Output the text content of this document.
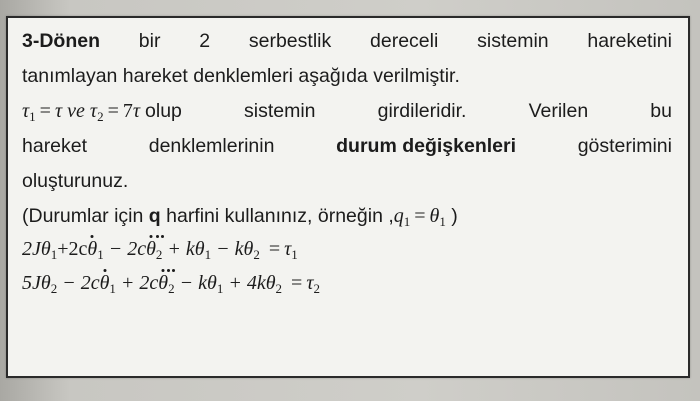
3-Dönen bir 2 serbestlik dereceli sistemin hareketini
tanımlayan hareket denklemleri aşağıda verilmiştir.
$\tau_1 = \tau$ ve $\tau_2 = 7\tau$ olup	sistemin	girdileridir.	Verilen	bu
hareket	denklemlerinin	durum değişkenleri	gösterimini
oluşturunuz.
(Durumlar için q harfini kullanınız, örneğin $,q_1 = \theta_1$ )
$2J\theta_1+2c\theta_1 - 2c\theta_2 + k\theta_1 - k\theta_2 = \tau_1$
$5J\theta_2 - 2c\theta_1 + 2c\theta_2 - k\theta_1 + 4k\theta_2 = \tau_2$
